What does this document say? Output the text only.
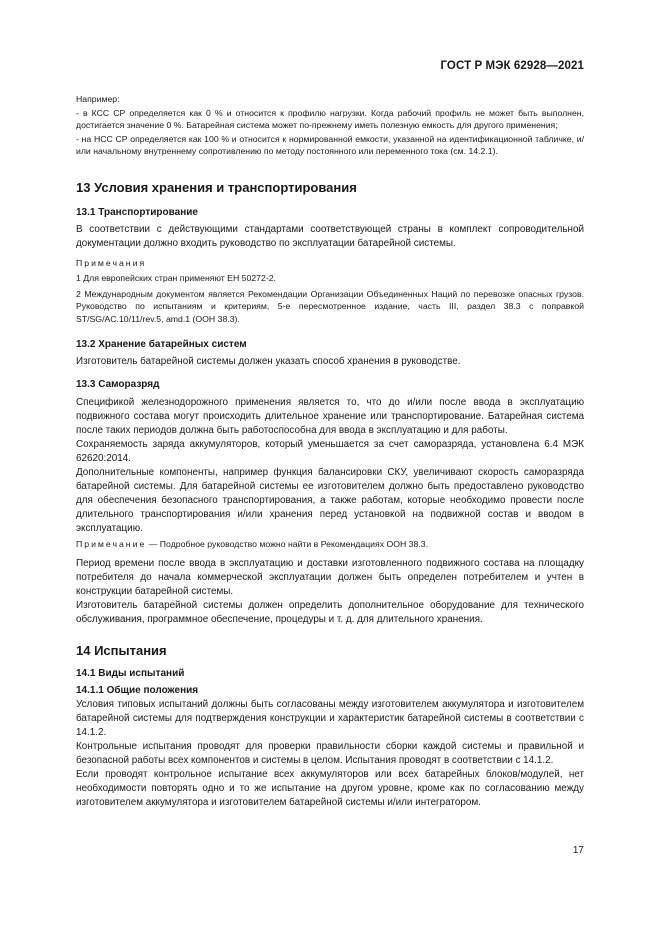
ГОСТ Р МЭК 62928—2021

Например:

- в КСС СР определяется как 0 % и относится к профилю нагрузки. Когда рабочий профиль не может быть выполнен, достигается значение 0 %. Батарейная система может по-прежнему иметь полезную емкость для другого применения;

- на НСС СР определяется как 100 % и относится к нормированной емкости, указанной на идентификационной табличке, и/или начальному внутреннему сопротивлению по методу постоянного или переменного тока (см. 14.2.1).

13 Условия хранения и транспортирования
13.1 Транспортирование

В соответствии с действующими стандартами соответствующей страны в комплект сопроводительной документации должно входить руководство по эксплуатации батарейной системы.

Примечания

1 Для европейских стран применяют ЕН 50272-2.

2 Международным документом является Рекомендации Организации Объединенных Наций по перевозке опасных грузов. Руководство по испытаниям и критериям, 5-е пересмотренное издание, часть III, раздел 38.3 с поправкой ST/SG/AC.10/11/rev.5, amd.1 (ООН 38.3).

13.2 Хранение батарейных систем

Изготовитель батарейной системы должен указать способ хранения в руководстве.

13.3 Саморазряд

Спецификой железнодорожного применения является то, что до и/или после ввода в эксплуатацию подвижного состава могут происходить длительное хранение или транспортирование. Батарейная система после таких периодов должна быть работоспособна для ввода в эксплуатацию и для работы.

Сохраняемость заряда аккумуляторов, который уменьшается за счет саморазряда, установлена 6.4 МЭК 62620:2014.

Дополнительные компоненты, например функция балансировки СКУ, увеличивают скорость саморазряда батарейной системы. Для батарейной системы ее изготовителем должно быть предоставлено руководство для обеспечения безопасного транспортирования, а также работам, которые необходимо провести после длительного транспортирования и/или хранения перед установкой на подвижной состав и вводом в эксплуатацию.

Примечание — Подробное руководство можно найти в Рекомендациях ООН 38.3.

Период времени после ввода в эксплуатацию и доставки изготовленного подвижного состава на площадку потребителя до начала коммерческой эксплуатации должен быть определен потребителем и учтен в конструкции батарейной системы.

Изготовитель батарейной системы должен определить дополнительное оборудование для технического обслуживания, программное обеспечение, процедуры и т. д. для длительного хранения.

14 Испытания
14.1 Виды испытаний
14.1.1 Общие положения

Условия типовых испытаний должны быть согласованы между изготовителем аккумулятора и изготовителем батарейной системы для подтверждения конструкции и характеристик батарейной системы в соответствии с 14.1.2.

Контрольные испытания проводят для проверки правильности сборки каждой системы и правильной и безопасной работы всех компонентов и системы в целом. Испытания проводят в соответствии с 14.1.2.

Если проводят контрольное испытание всех аккумуляторов или всех батарейных блоков/модулей, нет необходимости повторять одно и то же испытание на другом уровне, кроме как по согласованию между изготовителем аккумулятора и изготовителем батарейной системы и/или интегратором.

17
